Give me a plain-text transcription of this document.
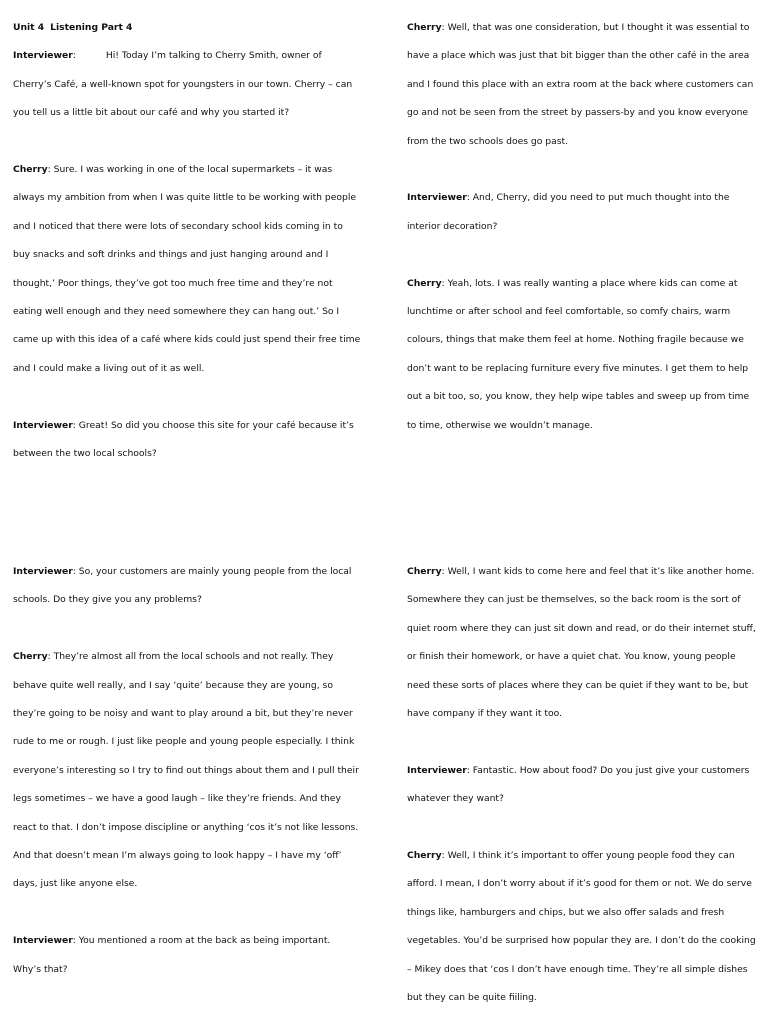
Unit 4 Listening Part 4

Interviewer:	Hi! Today I’m talking to Cherry Smith, owner of Cherry’s Café, a well-known spot for youngsters in our town. Cherry – can you tell us a little bit about our café and why you started it?

Cherry: Sure. I was working in one of the local supermarkets – it was always my ambition from when I was quite little to be working with people and I noticed that there were lots of secondary school kids coming in to buy snacks and soft drinks and things and just hanging around and I thought,’ Poor things, they’ve got too much free time and they’re not eating well enough and they need somewhere they can hang out.’ So I came up with this idea of a café where kids could just spend their free time and I could make a living out of it as well.

Interviewer: Great! So did you choose this site for your café because it’s between the two local schools?

Cherry: Well, that was one consideration, but I thought it was essential to have a place which was just that bit bigger than the other café in the area and I found this place with an extra room at the back where customers can go and not be seen from the street by passers-by and you know everyone from the two schools does go past.

Interviewer: And, Cherry, did you need to put much thought into the interior decoration?

Cherry: Yeah, lots. I was really wanting a place where kids can come at lunchtime or after school and feel comfortable, so comfy chairs, warm colours, things that make them feel at home. Nothing fragile because we don’t want to be replacing furniture every five minutes. I get them to help out a bit too, so, you know, they help wipe tables and sweep up from time to time, otherwise we wouldn’t manage.

Interviewer: So, your customers are mainly young people from the local schools. Do they give you any problems?

Cherry: They’re almost all from the local schools and not really. They behave quite well really, and I say ‘quite’ because they are young, so they’re going to be noisy and want to play around a bit, but they’re never rude to me or rough. I just like people and young people especially. I think everyone’s interesting so I try to find out things about them and I pull their legs sometimes – we have a good laugh – like they’re friends. And they react to that. I don’t impose discipline or anything ‘cos it’s not like lessons. And that doesn’t mean I’m always going to look happy – I have my ‘off’ days, just like anyone else.

Interviewer: You mentioned a room at the back as being important. Why’s that?

Cherry: Well, I want kids to come here and feel that it’s like another home. Somewhere they can just be themselves, so the back room is the sort of quiet room where they can just sit down and read, or do their internet stuff, or finish their homework, or have a quiet chat. You know, young people need these sorts of places where they can be quiet if they want to be, but have company if they want it too.

Interviewer: Fantastic. How about food? Do you just give your customers whatever they want?

Cherry: Well, I think it’s important to offer young people food they can afford. I mean, I don’t worry about if it’s good for them or not. We do serve things like, hamburgers and chips, but we also offer salads and fresh vegetables. You’d be surprised how popular they are. I don’t do the cooking – Mikey does that ‘cos I don’t have enough time. They’re all simple dishes but they can be quite fiiling.
